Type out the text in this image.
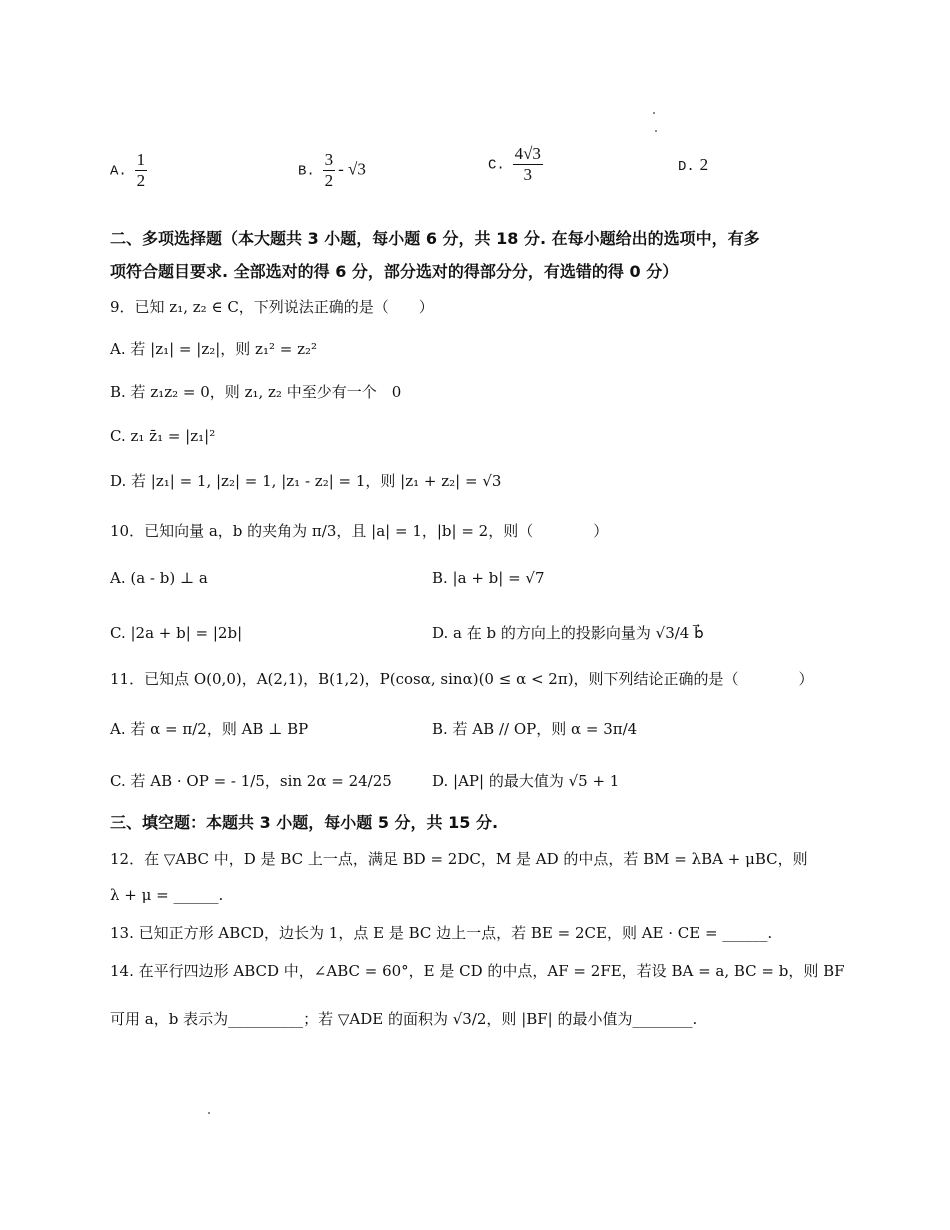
A. $\frac{1}{2}$	B. $\frac{3}{2} - √3$	C. $\frac{4√3}{3}$	D. 2
二、多项选择题（本大题共 3 小题，每小题 6 分，共 18 分. 在每小题给出的选项中，有多
项符合题目要求. 全部选对的得 6 分，部分选对的得部分分，有选错的得 0 分）
9．已知 z₁, z₂ ∈ C，下列说法正确的是（　　）
A. 若 |z₁| = |z₂|，则 z₁² = z₂²
B. 若 z₁z₂ = 0，则 z₁, z₂ 中至少有一个　0
C. z₁ z̄₁ = |z₁|²
D. 若 |z₁| = 1, |z₂| = 1, |z₁ - z₂| = 1，则 |z₁ + z₂| = √3
10．已知向量 a，b 的夹角为 π/3，且 |a| = 1，|b| = 2，则（　　　　）
A. (a - b) ⊥ a	B. |a + b| = √7
C. |2a + b| = |2b|	D. a 在 b 的方向上的投影向量为 √3/4 b⃗
11．已知点 O(0,0)，A(2,1)，B(1,2)，P(cosα, sinα)(0 ≤ α < 2π)，则下列结论正确的是（　　　　）
A. 若 α = π/2，则 AB ⊥ BP	B. 若 AB // OP，则 α = 3π/4
C. 若 AB · OP = - 1/5，sin 2α = 24/25	D. |AP| 的最大值为 √5 + 1
三、填空题：本题共 3 小题，每小题 5 分，共 15 分.
12．在 ▽ABC 中，D 是 BC 上一点，满足 BD = 2DC，M 是 AD 的中点，若 BM = λBA + μBC，则
λ + μ = ______.
13. 已知正方形 ABCD，边长为 1，点 E 是 BC 边上一点，若 BE = 2CE，则 AE · CE = ______.
14. 在平行四边形 ABCD 中，∠ABC = 60°，E 是 CD 的中点，AF = 2FE，若设 BA = a, BC = b，则 BF
可用 a，b 表示为__________；若 ▽ADE 的面积为 √3/2，则 |BF| 的最小值为________.
